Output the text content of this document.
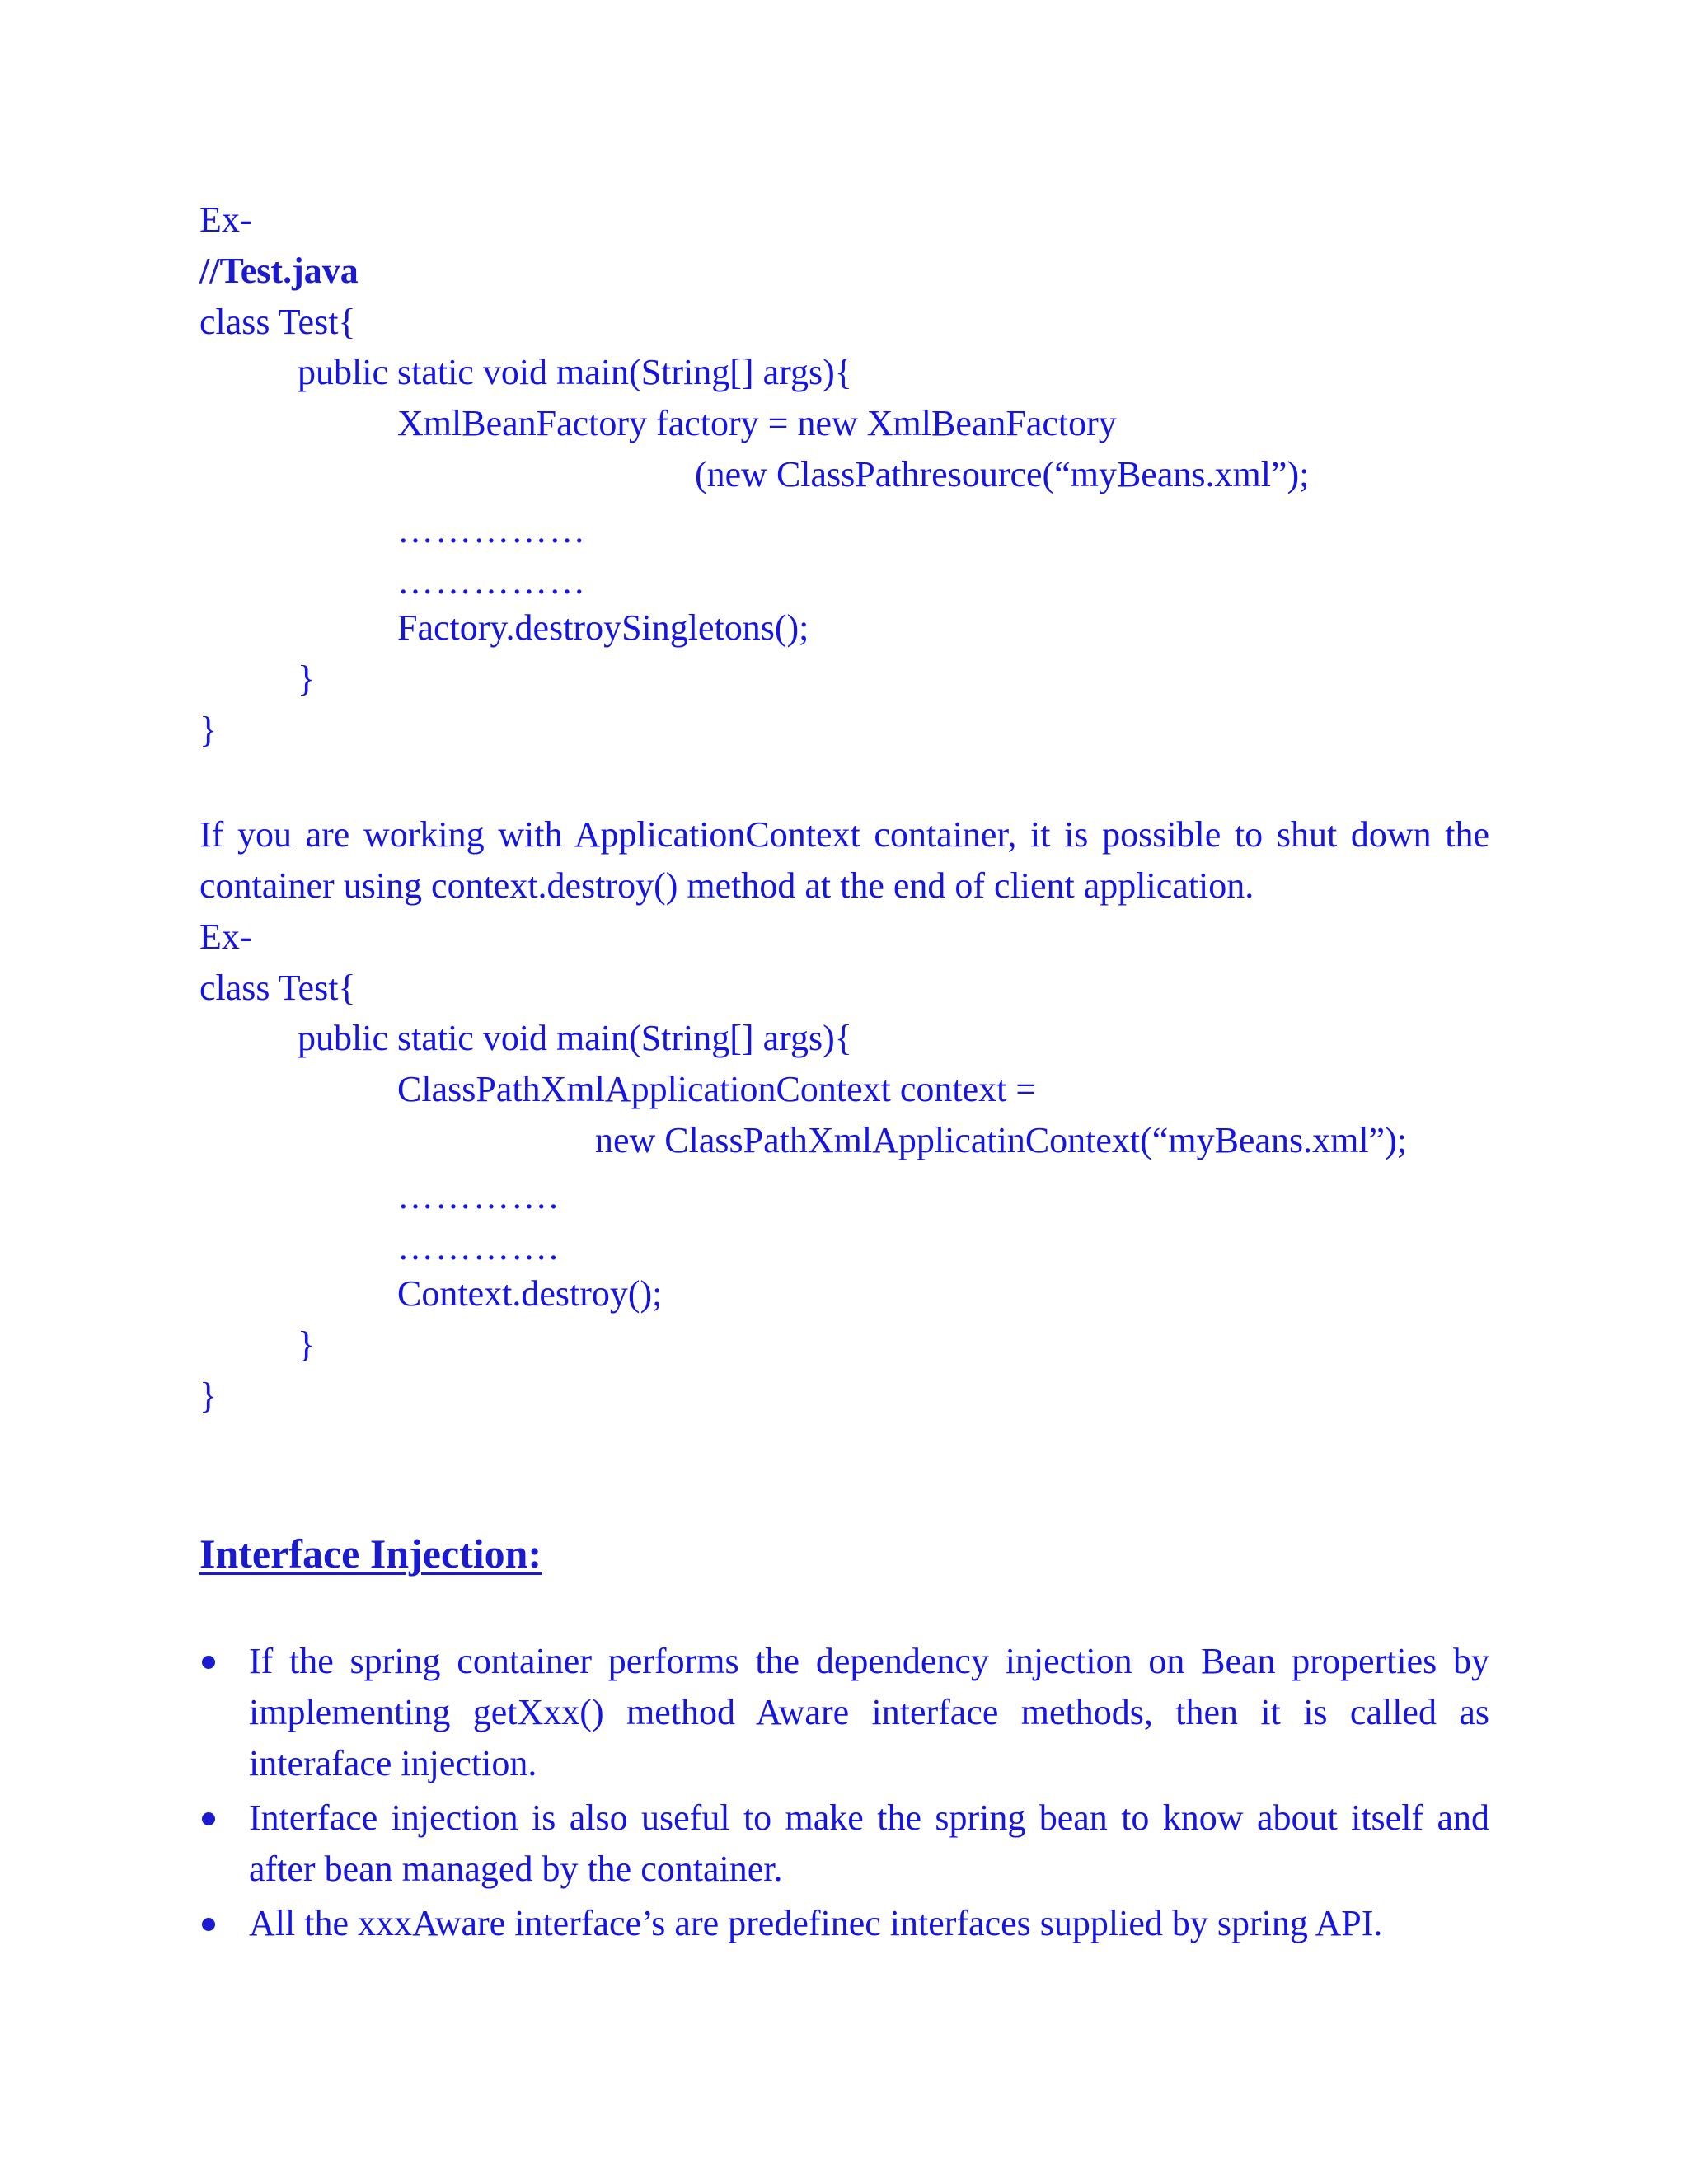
Ex-
//Test.java
class Test{
public static void main(String[] args){
XmlBeanFactory factory = new XmlBeanFactory
(new ClassPathresource(“myBeans.xml”);
……………
……………
Factory.destroySingletons();
}
}
If you are working with ApplicationContext container, it is possible to shut down the container using context.destroy() method at the end of client application.
Ex-
class Test{
public static void main(String[] args){
ClassPathXmlApplicationContext context =
new ClassPathXmlApplicatinContext(“myBeans.xml”);
………….
………….
Context.destroy();
}
}
Interface Injection:
If the spring container performs the dependency injection on Bean properties by implementing getXxx() method Aware interface methods, then it is called as interaface injection.
Interface injection is also useful to make the spring bean to know about itself and after bean managed by the container.
All the xxxAware interface’s are predefinec interfaces supplied by spring API.
